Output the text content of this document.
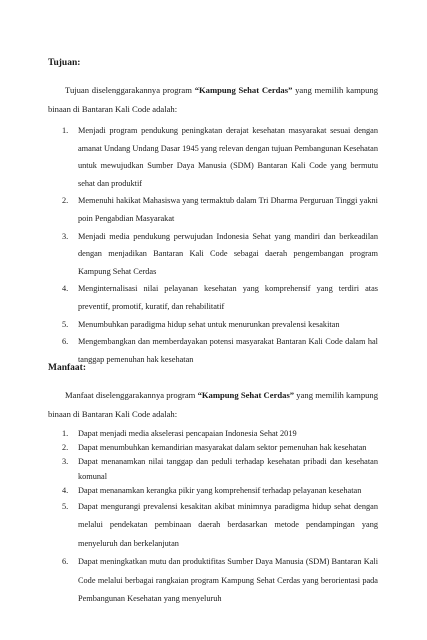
Tujuan:

Tujuan diselenggarakannya program “Kampung Sehat Cerdas” yang memilih kampung binaan di Bantaran Kali Code adalah:

1. Menjadi program pendukung peningkatan derajat kesehatan masyarakat sesuai dengan amanat Undang Undang Dasar 1945 yang relevan dengan tujuan Pembangunan Kesehatan untuk mewujudkan Sumber Daya Manusia (SDM) Bantaran Kali Code yang bermutu sehat dan produktif
2. Memenuhi hakikat Mahasiswa yang termaktub dalam Tri Dharma Perguruan Tinggi yakni poin Pengabdian Masyarakat
3. Menjadi media pendukung perwujudan Indonesia Sehat yang mandiri dan berkeadilan dengan menjadikan Bantaran Kali Code sebagai daerah pengembangan program Kampung Sehat Cerdas
4. Menginternalisasi nilai pelayanan kesehatan yang komprehensif yang terdiri atas preventif, promotif, kuratif, dan rehabilitatif
5. Menumbuhkan paradigma hidup sehat untuk menurunkan prevalensi kesakitan
6. Mengembangkan dan memberdayakan potensi masyarakat Bantaran Kali Code dalam hal tanggap pemenuhan hak kesehatan
Manfaat:

Manfaat diselenggarakannya program “Kampung Sehat Cerdas” yang memilih kampung binaan di Bantaran Kali Code adalah:

1. Dapat menjadi media akselerasi pencapaian Indonesia Sehat 2019
2. Dapat menumbuhkan kemandirian masyarakat dalam sektor pemenuhan hak kesehatan
3. Dapat menanamkan nilai tanggap dan peduli terhadap kesehatan pribadi dan kesehatan komunal
4. Dapat menanamkan kerangka pikir yang komprehensif terhadap pelayanan kesehatan
5. Dapat mengurangi prevalensi kesakitan akibat minimnya paradigma hidup sehat dengan melalui pendekatan pembinaan daerah berdasarkan metode pendampingan yang menyeluruh dan berkelanjutan
6. Dapat meningkatkan mutu dan produktifitas Sumber Daya Manusia (SDM) Bantaran Kali Code melalui berbagai rangkaian program Kampung Sehat Cerdas yang berorientasi pada Pembangunan Kesehatan yang menyeluruh
